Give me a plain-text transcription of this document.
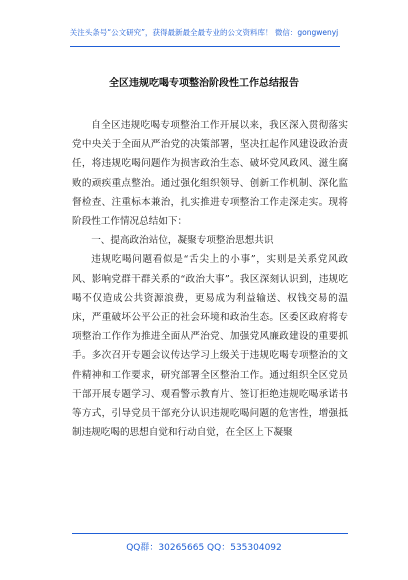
关注头条号“公文研究”，获得最新最全最专业的公文资料库！ 微信：gongwenyj
全区违规吃喝专项整治阶段性工作总结报告

自全区违规吃喝专项整治工作开展以来，我区深入贯彻落实党中央关于全面从严治党的决策部署，坚决扛起作风建设政治责任，将违规吃喝问题作为损害政治生态、破坏党风政风、滋生腐败的顽疾重点整治。通过强化组织领导、创新工作机制、深化监督检查、注重标本兼治，扎实推进专项整治工作走深走实。现将阶段性工作情况总结如下：

一、提高政治站位，凝聚专项整治思想共识

违规吃喝问题看似是“舌尖上的小事”，实则是关系党风政风、影响党群干群关系的“政治大事”。我区深刻认识到，违规吃喝不仅造成公共资源浪费，更易成为利益输送、权钱交易的温床，严重破坏公平公正的社会环境和政治生态。区委区政府将专项整治工作作为推进全面从严治党、加强党风廉政建设的重要抓手。多次召开专题会议传达学习上级关于违规吃喝专项整治的文件精神和工作要求，研究部署全区整治工作。通过组织全区党员干部开展专题学习、观看警示教育片、签订拒绝违规吃喝承诺书等方式，引导党员干部充分认识违规吃喝问题的危害性，增强抵制违规吃喝的思想自觉和行动自觉，在全区上下凝聚

QQ群：30265665 QQ：535304092
